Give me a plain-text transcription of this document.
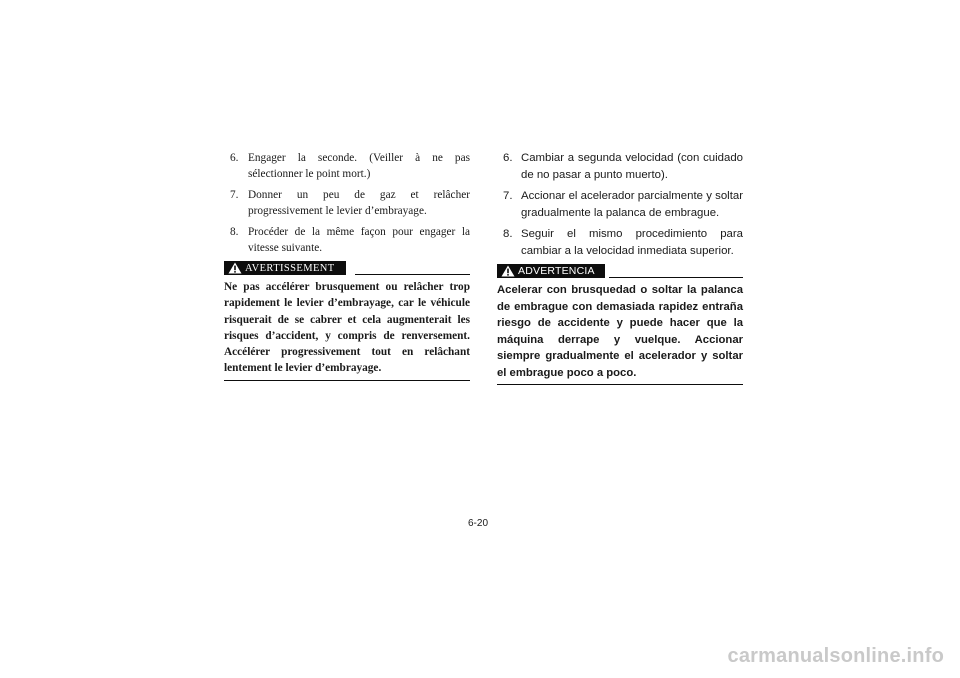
6. Engager la seconde. (Veiller à ne pas sélectionner le point mort.)
7. Donner un peu de gaz et relâcher progressivement le levier d’embrayage.
8. Procéder de la même façon pour engager la vitesse suivante.
AVERTISSEMENT

Ne pas accélérer brusquement ou relâcher trop rapidement le levier d’embrayage, car le véhicule risquerait de se cabrer et cela augmenterait les risques d’accident, y compris de renversement. Accélérer progressivement tout en relâchant lentement le levier d’embrayage.

6. Cambiar a segunda velocidad (con cuidado de no pasar a punto muerto).
7. Accionar el acelerador parcialmente y soltar gradualmente la palanca de embrague.
8. Seguir el mismo procedimiento para cambiar a la velocidad inmediata superior.
ADVERTENCIA

Acelerar con brusquedad o soltar la palanca de embrague con demasiada rapidez entraña riesgo de accidente y puede hacer que la máquina derrape y vuelque. Accionar siempre gradualmente el acelerador y soltar el embrague poco a poco.

6-20
carmanualsonline.info
